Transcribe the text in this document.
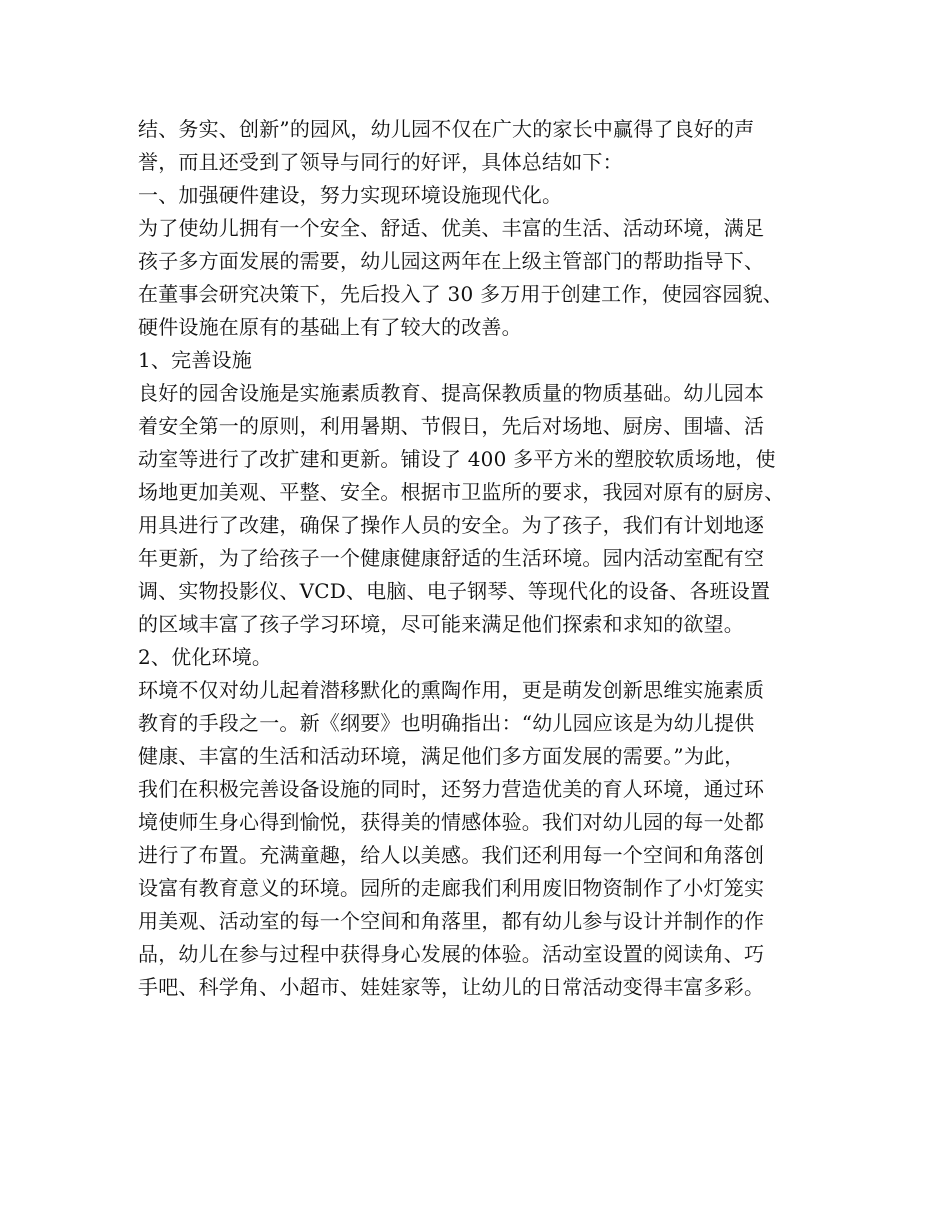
结、务实、创新”的园风，幼儿园不仅在广大的家长中赢得了良好的声
誉，而且还受到了领导与同行的好评，具体总结如下：
一、加强硬件建设，努力实现环境设施现代化。
为了使幼儿拥有一个安全、舒适、优美、丰富的生活、活动环境，满足
孩子多方面发展的需要，幼儿园这两年在上级主管部门的帮助指导下、
在董事会研究决策下，先后投入了 30 多万用于创建工作，使园容园貌、
硬件设施在原有的基础上有了较大的改善。
1、完善设施
良好的园舍设施是实施素质教育、提高保教质量的物质基础。幼儿园本
着安全第一的原则，利用暑期、节假日，先后对场地、厨房、围墙、活
动室等进行了改扩建和更新。铺设了 400 多平方米的塑胶软质场地，使
场地更加美观、平整、安全。根据市卫监所的要求，我园对原有的厨房、
用具进行了改建，确保了操作人员的安全。为了孩子，我们有计划地逐
年更新，为了给孩子一个健康健康舒适的生活环境。园内活动室配有空
调、实物投影仪、VCD、电脑、电子钢琴、等现代化的设备、各班设置
的区域丰富了孩子学习环境，尽可能来满足他们探索和求知的欲望。
2、优化环境。
环境不仅对幼儿起着潜移默化的熏陶作用，更是萌发创新思维实施素质
教育的手段之一。新《纲要》也明确指出：“幼儿园应该是为幼儿提供
健康、丰富的生活和活动环境，满足他们多方面发展的需要。”为此，
我们在积极完善设备设施的同时，还努力营造优美的育人环境，通过环
境使师生身心得到愉悦，获得美的情感体验。我们对幼儿园的每一处都
进行了布置。充满童趣，给人以美感。我们还利用每一个空间和角落创
设富有教育意义的环境。园所的走廊我们利用废旧物资制作了小灯笼实
用美观、活动室的每一个空间和角落里，都有幼儿参与设计并制作的作
品，幼儿在参与过程中获得身心发展的体验。活动室设置的阅读角、巧
手吧、科学角、小超市、娃娃家等，让幼儿的日常活动变得丰富多彩。
